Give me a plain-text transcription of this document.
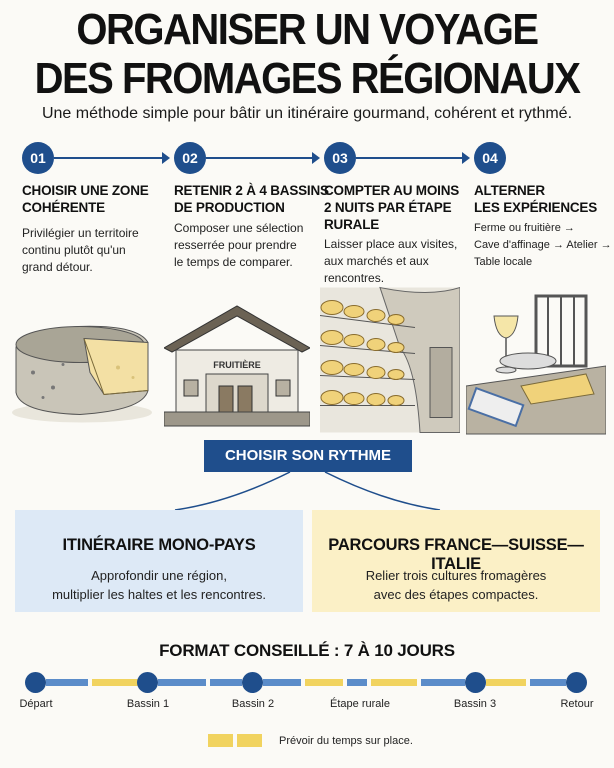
ORGANISER UN VOYAGE
DES FROMAGES RÉGIONAUX
Une méthode simple pour bâtir un itinéraire gourmand, cohérent et rythmé.
01	02	03	04
CHOISIR UNE ZONE
COHÉRENTE
Privilégier un territoire
continu plutôt qu'un
grand détour.
RETENIR 2 À 4 BASSINS
DE PRODUCTION
Composer une sélection
resserrée pour prendre
le temps de comparer.
COMPTER AU MOINS
2 NUITS PAR ÉTAPE
RURALE
Laisser place aux visites,
aux marchés et aux
rencontres.
ALTERNER
LES EXPÉRIENCES
Ferme ou fruitière →
Cave d'affinage → Atelier →
Table locale
FRUITIÈRE
CHOISIR SON RYTHME
ITINÉRAIRE MONO-PAYS
Approfondir une région,
multiplier les haltes et les rencontres.
PARCOURS FRANCE—SUISSE—ITALIE
Relier trois cultures fromagères
avec des étapes compactes.
FORMAT CONSEILLÉ : 7 À 10 JOURS
Départ	Bassin 1	Bassin 2	Étape rurale	Bassin 3	Retour
Prévoir du temps sur place.
